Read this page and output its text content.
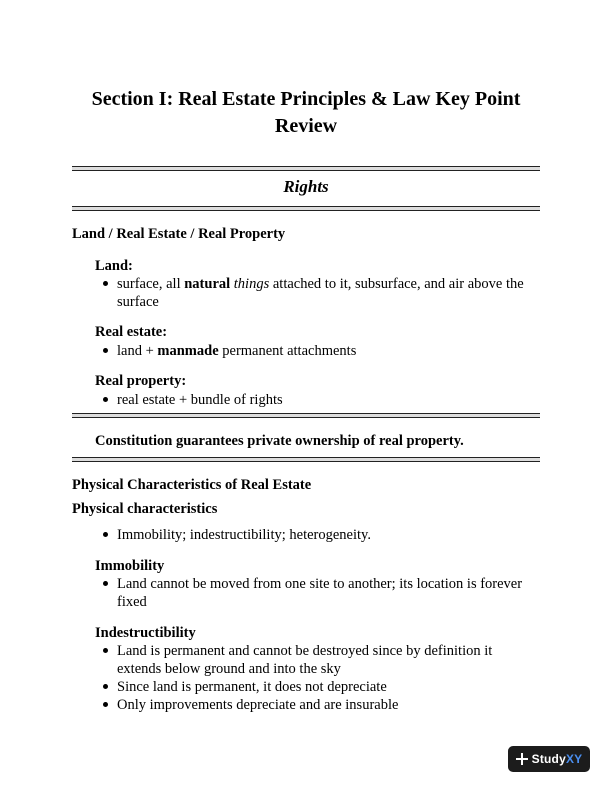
Section I: Real Estate Principles & Law Key Point Review
Rights
Land / Real Estate / Real Property
Land:
surface, all natural things attached to it, subsurface, and air above the surface
Real estate:
land + manmade permanent attachments
Real property:
real estate + bundle of rights
Constitution guarantees private ownership of real property.
Physical Characteristics of Real Estate
Physical characteristics
Immobility; indestructibility; heterogeneity.
Immobility
Land cannot be moved from one site to another; its location is forever fixed
Indestructibility
Land is permanent and cannot be destroyed since by definition it extends below ground and into the sky
Since land is permanent, it does not depreciate
Only improvements depreciate and are insurable
StudyXY
